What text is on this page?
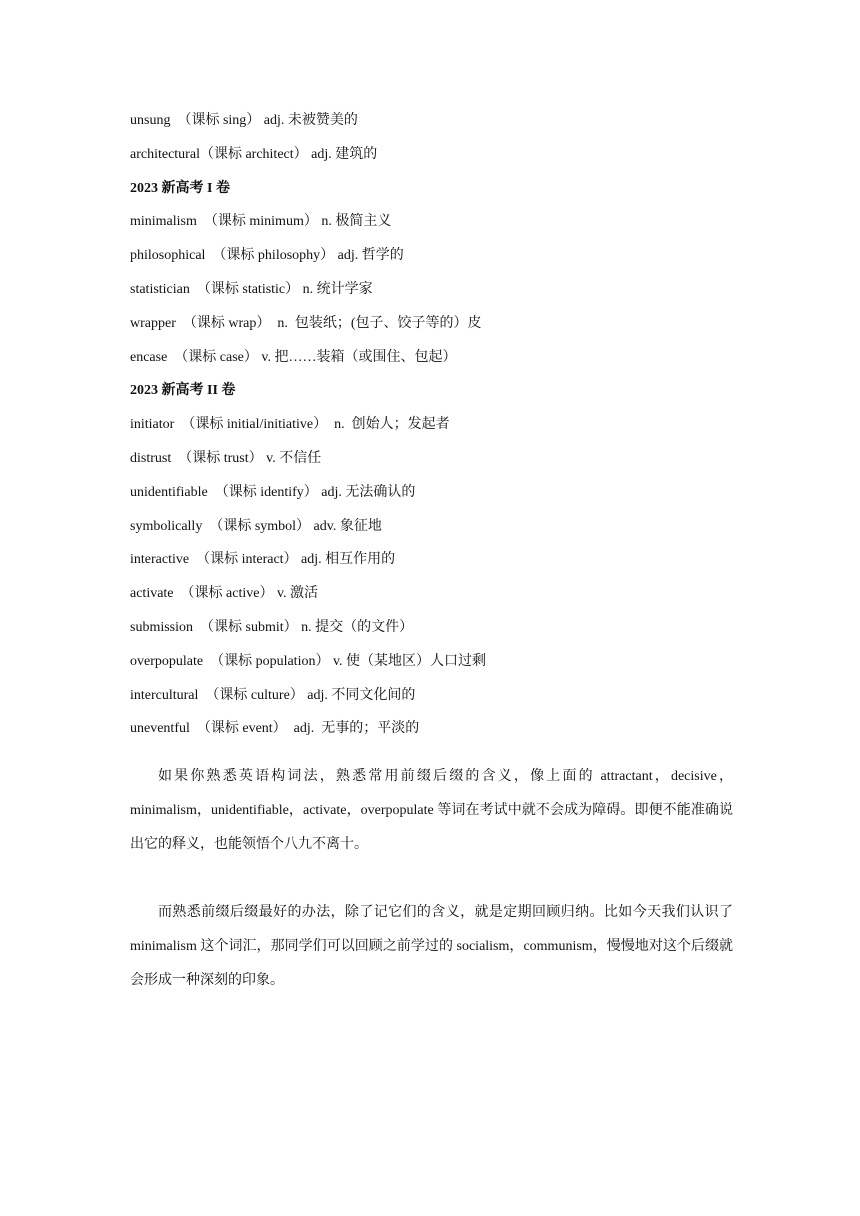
unsung  （课标 sing） adj. 未被赞美的
architectural（课标 architect） adj. 建筑的
2023 新高考 I 卷
minimalism  （课标 minimum） n. 极简主义
philosophical  （课标 philosophy） adj. 哲学的
statistician  （课标 statistic） n. 统计学家
wrapper  （课标 wrap）  n.  包装纸；(包子、饺子等的）皮
encase  （课标 case） v. 把……装箱（或围住、包起）
2023 新高考 II 卷
initiator  （课标 initial/initiative）  n.  创始人；发起者
distrust  （课标 trust） v. 不信任
unidentifiable  （课标 identify） adj. 无法确认的
symbolically  （课标 symbol） adv. 象征地
interactive  （课标 interact） adj. 相互作用的
activate  （课标 active） v. 激活
submission  （课标 submit） n. 提交（的文件）
overpopulate  （课标 population） v. 使（某地区）人口过剩
intercultural  （课标 culture） adj. 不同文化间的
uneventful  （课标 event）  adj.  无事的；平淡的

如果你熟悉英语构词法，熟悉常用前缀后缀的含义，像上面的 attractant，decisive，minimalism，unidentifiable，activate，overpopulate 等词在考试中就不会成为障碍。即便不能准确说出它的释义，也能领悟个八九不离十。

而熟悉前缀后缀最好的办法，除了记它们的含义，就是定期回顾归纳。比如今天我们认识了 minimalism 这个词汇，那同学们可以回顾之前学过的 socialism，communism，慢慢地对这个后缀就会形成一种深刻的印象。
